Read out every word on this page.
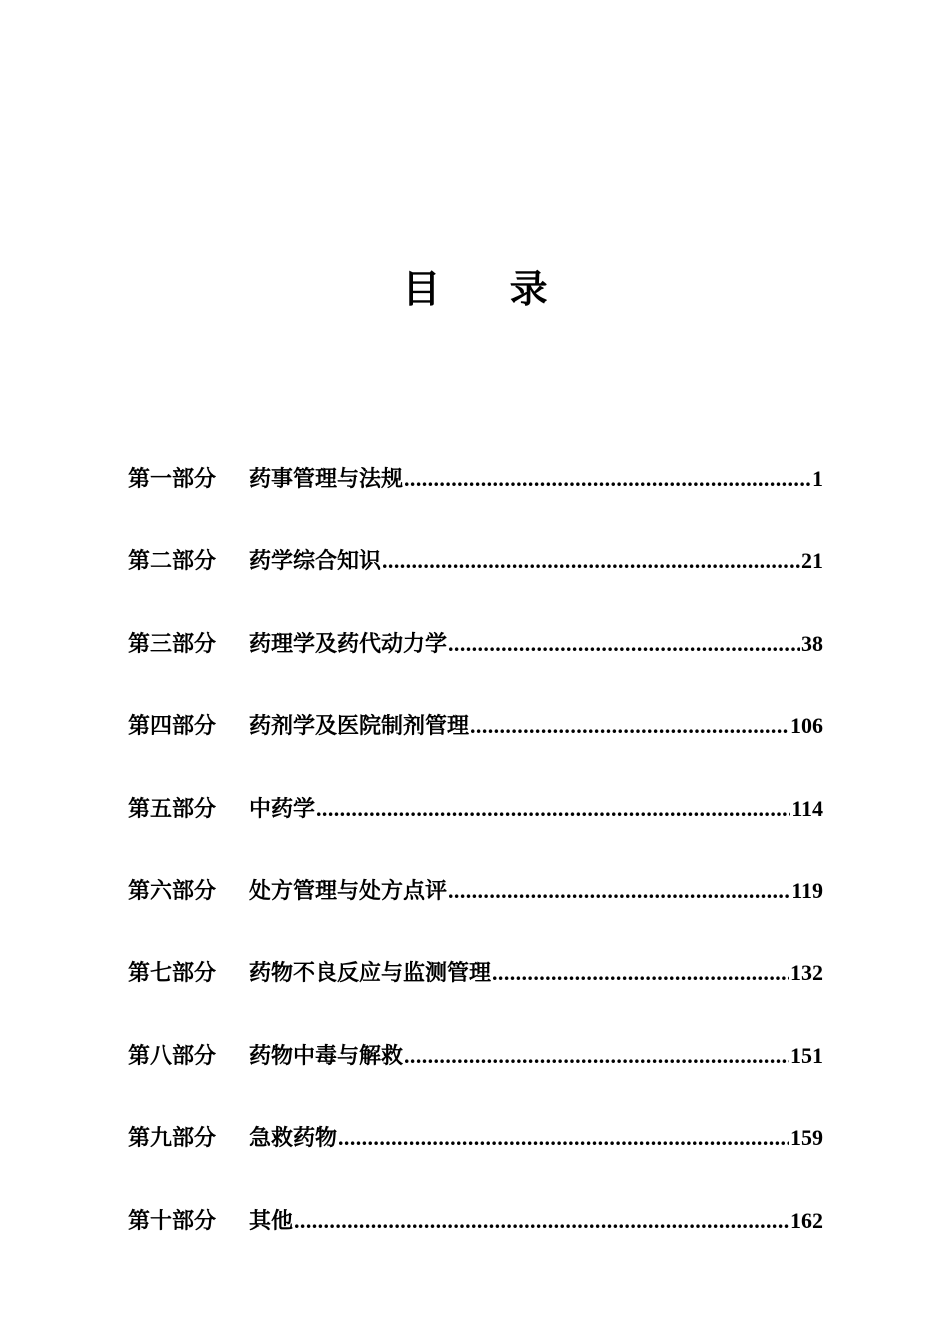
目 录
第一部分	药事管理与法规 .....	1
第二部分	药学综合知识 .....	21
第三部分	药理学及药代动力学 .....	38
第四部分	药剂学及医院制剂管理 .....	106
第五部分	中药学 .....	114
第六部分	处方管理与处方点评 .....	119
第七部分	药物不良反应与监测管理 .....	132
第八部分	药物中毒与解救 .....	151
第九部分	急救药物 .....	159
第十部分	其他 .....	162
